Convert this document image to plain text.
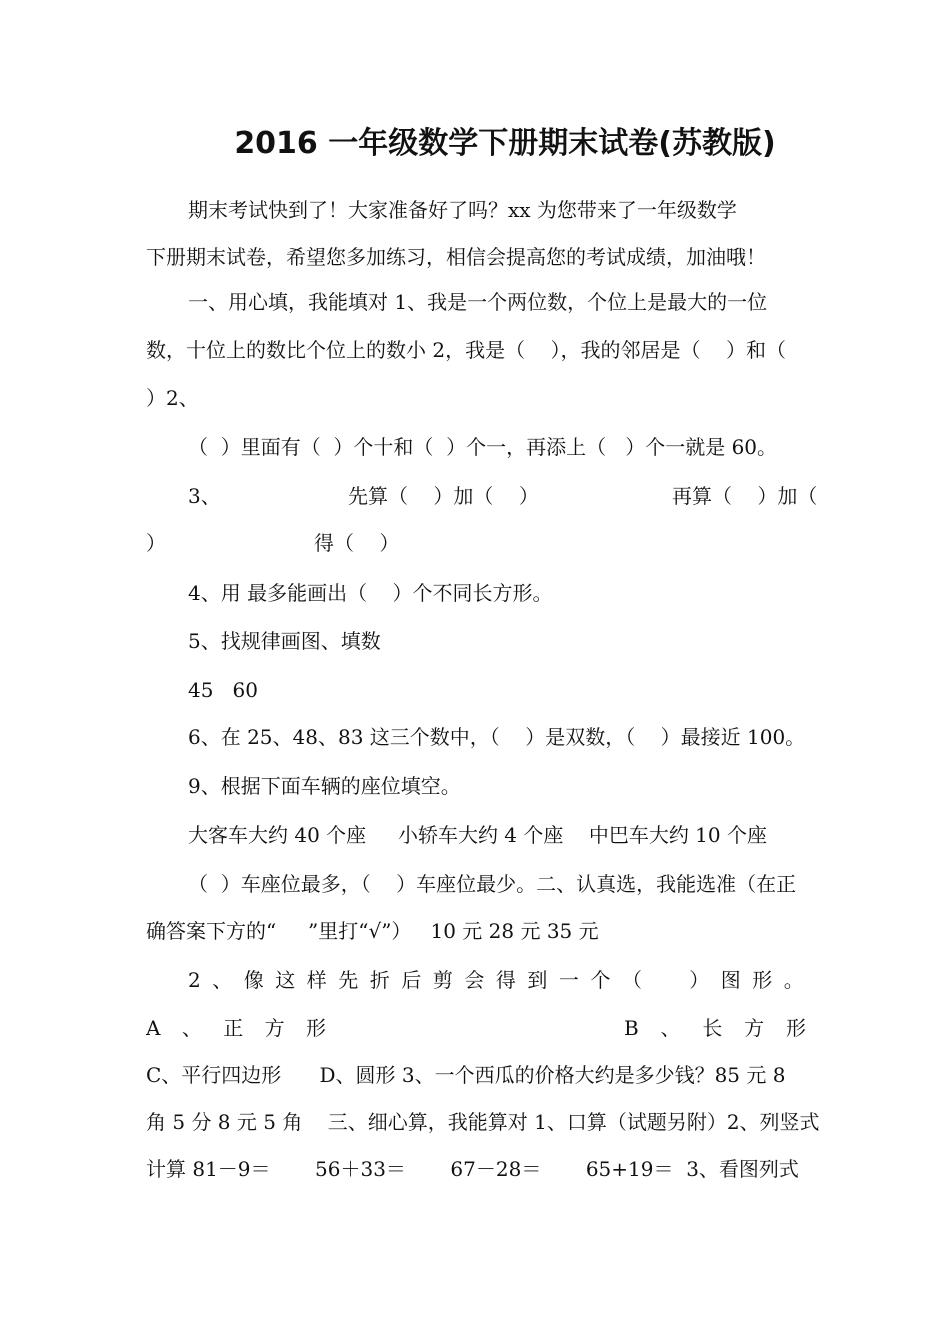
2016 一年级数学下册期末试卷(苏教版)
期末考试快到了！大家准备好了吗？xx 为您带来了一年级数学
下册期末试卷，希望您多加练习，相信会提高您的考试成绩，加油哦！
一、用心填，我能填对 1、我是一个两位数，个位上是最大的一位
数，十位上的数比个位上的数小 2，我是（    ），我的邻居是（    ）和（
）2、
（  ）里面有（  ）个十和（  ）个一，再添上（   ）个一就是 60。
3、	先算（    ）加（    ）	再算（    ）加（
）	得（    ）
4、用 最多能画出（    ）个不同长方形。
5、找规律画图、填数
45   60
6、在 25、48、83 这三个数中，（    ）是双数，（    ）最接近 100。
9、根据下面车辆的座位填空。
大客车大约 40 个座     小轿车大约 4 个座    中巴车大约 10 个座
（  ）车座位最多，（    ）车座位最少。二、认真选，我能选准（在正
确答案下方的“     ”里打“√”）   10 元 28 元 35 元
2 、 像 这 样 先 折 后 剪 会 得 到 一 个 （

） 图 形 。
A 、 正 方 形	B 、 长 方 形
C、平行四边形      D、圆形 3、一个西瓜的价格大约是多少钱？85 元 8
角 5 分 8 元 5 角    三、细心算，我能算对 1、口算（试题另附）2、列竖式
计算 81－9＝       56＋33＝       67－28＝       65+19＝  3、看图列式
